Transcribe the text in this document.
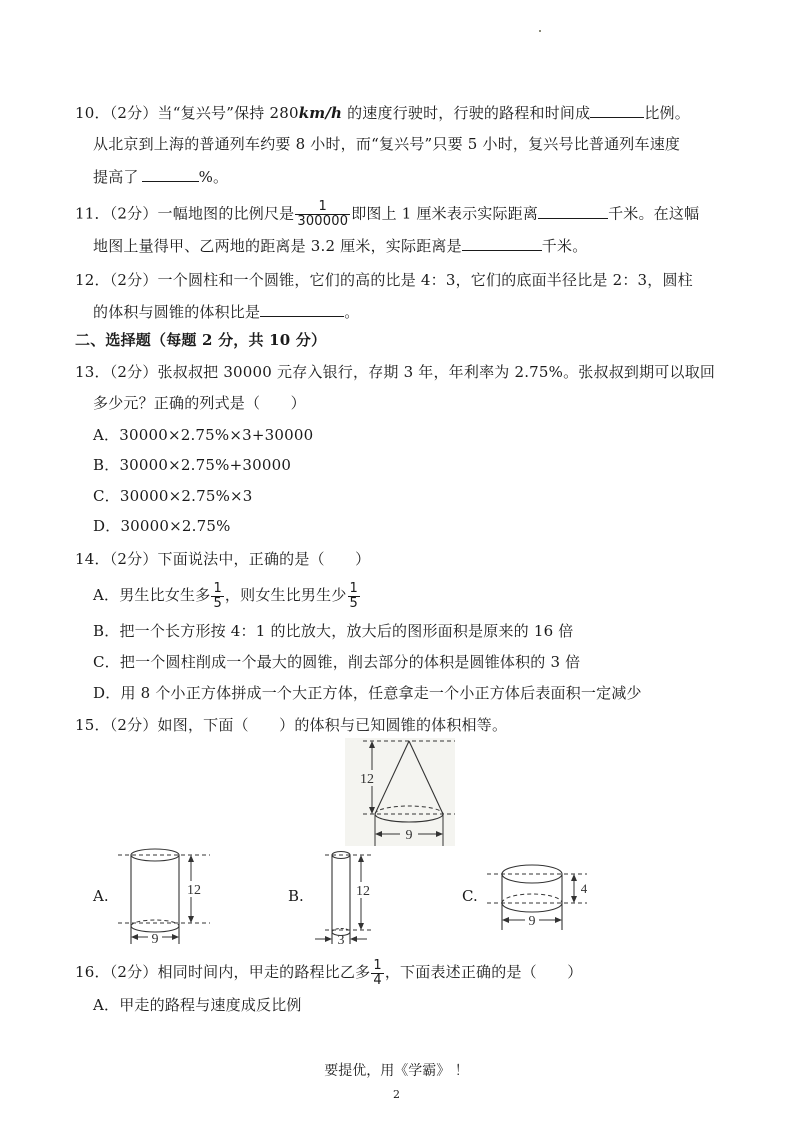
10．（2分）当“复兴号”保持 280km/h 的速度行驶时，行驶的路程和时间成	比例。
从北京到上海的普通列车约要 8 小时，而“复兴号”只要 5 小时，复兴号比普通列车速度
提高了	%。
11．（2分）一幅地图的比例尺是 $\frac{1}{300000}$ 即图上 1 厘米表示实际距离	千米。在这幅
地图上量得甲、乙两地的距离是 3.2 厘米，实际距离是	千米。
12．（2分）一个圆柱和一个圆锥，它们的高的比是 4：3，它们的底面半径比是 2：3，圆柱
的体积与圆锥的体积比是	。
二、选择题（每题 2 分，共 10 分）
13．（2分）张叔叔把 30000 元存入银行，存期 3 年，年利率为 2.75%。张叔叔到期可以取回
多少元？正确的列式是（　　）
A．30000×2.75%×3+30000
B．30000×2.75%+30000
C．30000×2.75%×3
D．30000×2.75%
14．（2分）下面说法中，正确的是（　　）
A．男生比女生多 $\frac{1}{5}$ ，则女生比男生少 $\frac{1}{5}$
B．把一个长方形按 4：1 的比放大，放大后的图形面积是原来的 16 倍
C．把一个圆柱削成一个最大的圆锥，削去部分的体积是圆锥体积的 3 倍
D．用 8 个小正方体拼成一个大正方体，任意拿走一个小正方体后表面积一定减少
15．（2分）如图，下面（　　）的体积与已知圆锥的体积相等。
12
9
A.	12
9
B.	12
3
C.	4
9
16．（2分）相同时间内，甲走的路程比乙多 $\frac{1}{4}$ ，下面表述正确的是（　　）
A．甲走的路程与速度成反比例
要提优，用《学霸》 ！
2
